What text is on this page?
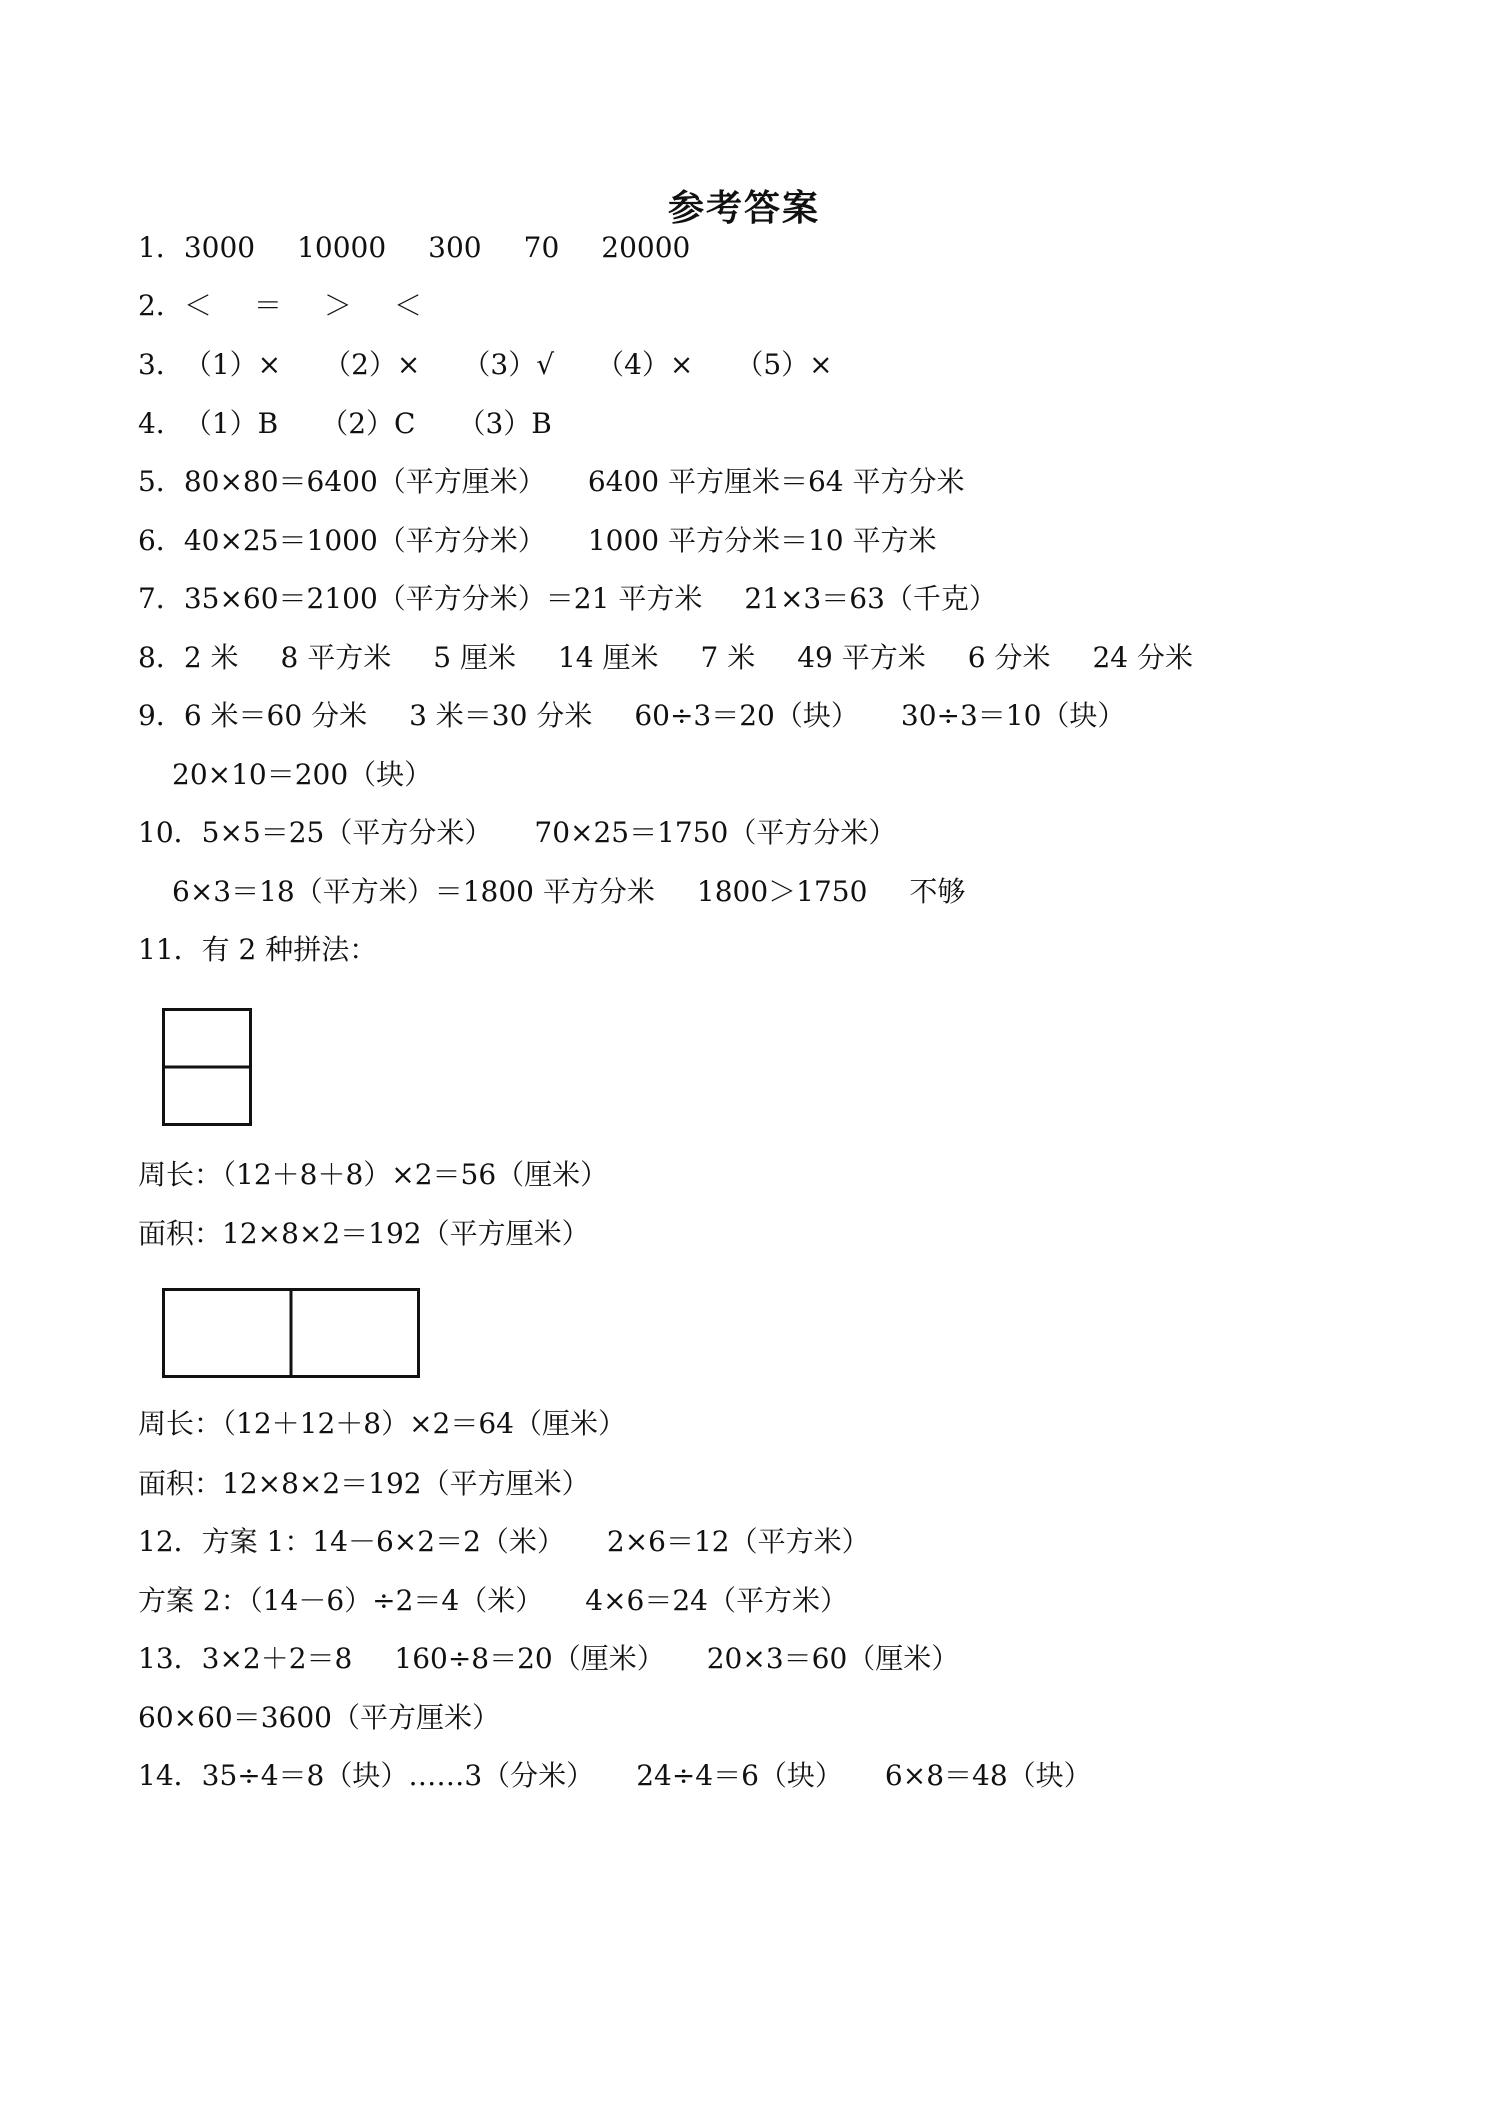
参考答案
1．3000 10000 300 70 20000
2．＜ ＝ ＞ ＜
3．（1）× （2）× （3）√ （4）× （5）×
4．（1）B （2）C （3）B
5．80×80＝6400（平方厘米） 6400 平方厘米＝64 平方分米
6．40×25＝1000（平方分米） 1000 平方分米＝10 平方米
7．35×60＝2100（平方分米）＝21 平方米 21×3＝63（千克）
8．2 米 8 平方米 5 厘米 14 厘米 7 米 49 平方米 6 分米 24 分米
9．6 米＝60 分米 3 米＝30 分米 60÷3＝20（块） 30÷3＝10（块）
20×10＝200（块）
10．5×5＝25（平方分米） 70×25＝1750（平方分米）
6×3＝18（平方米）＝1800 平方分米 1800＞1750 不够
11．有 2 种拼法：
周长：（12＋8＋8）×2＝56（厘米）
面积：12×8×2＝192（平方厘米）
周长：（12＋12＋8）×2＝64（厘米）
面积：12×8×2＝192（平方厘米）
12．方案 1：14－6×2＝2（米） 2×6＝12（平方米）
方案 2：（14－6）÷2＝4（米） 4×6＝24（平方米）
13．3×2＋2＝8 160÷8＝20（厘米） 20×3＝60（厘米）
60×60＝3600（平方厘米）
14．35÷4＝8（块）……3（分米） 24÷4＝6（块） 6×8＝48（块）
